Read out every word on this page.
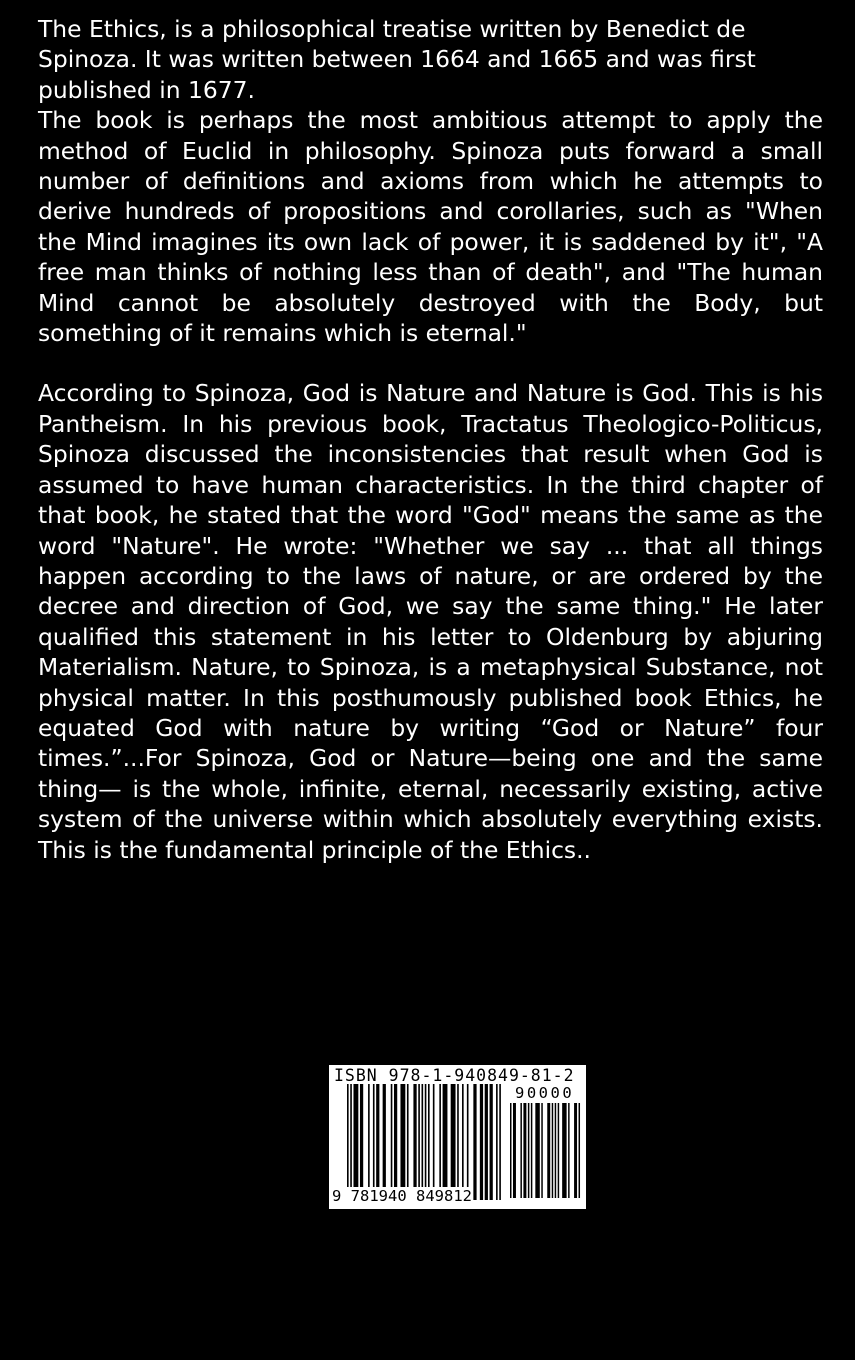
The Ethics, is a philosophical treatise written by Benedict de Spinoza. It was written between 1664 and 1665 and was first published in 1677.

The book is perhaps the most ambitious attempt to apply the method of Euclid in philosophy. Spinoza puts forward a small number of definitions and axioms from which he attempts to derive hundreds of propositions and corollaries, such as "When the Mind imagines its own lack of power, it is saddened by it", "A free man thinks of nothing less than of death", and "The human Mind cannot be absolutely destroyed with the Body, but something of it remains which is eternal."

According to Spinoza, God is Nature and Nature is God. This is his Pantheism. In his previous book, Tractatus Theologico-Politicus, Spinoza discussed the inconsistencies that result when God is assumed to have human characteristics. In the third chapter of that book, he stated that the word "God" means the same as the word "Nature". He wrote: "Whether we say ... that all things happen according to the laws of nature, or are ordered by the decree and direction of God, we say the same thing." He later qualified this statement in his letter to Oldenburg by abjuring Materialism. Nature, to Spinoza, is a metaphysical Substance, not physical matter. In this posthumously published book Ethics, he equated God with nature by writing “God or Nature” four times.”...For Spinoza, God or Nature—being one and the same thing— is the whole, infinite, eternal, necessarily existing, active system of the universe within which absolutely everything exists. This is the fundamental principle of the Ethics..

ISBN 978-1-940849-81-2
90000
9 781940 849812
